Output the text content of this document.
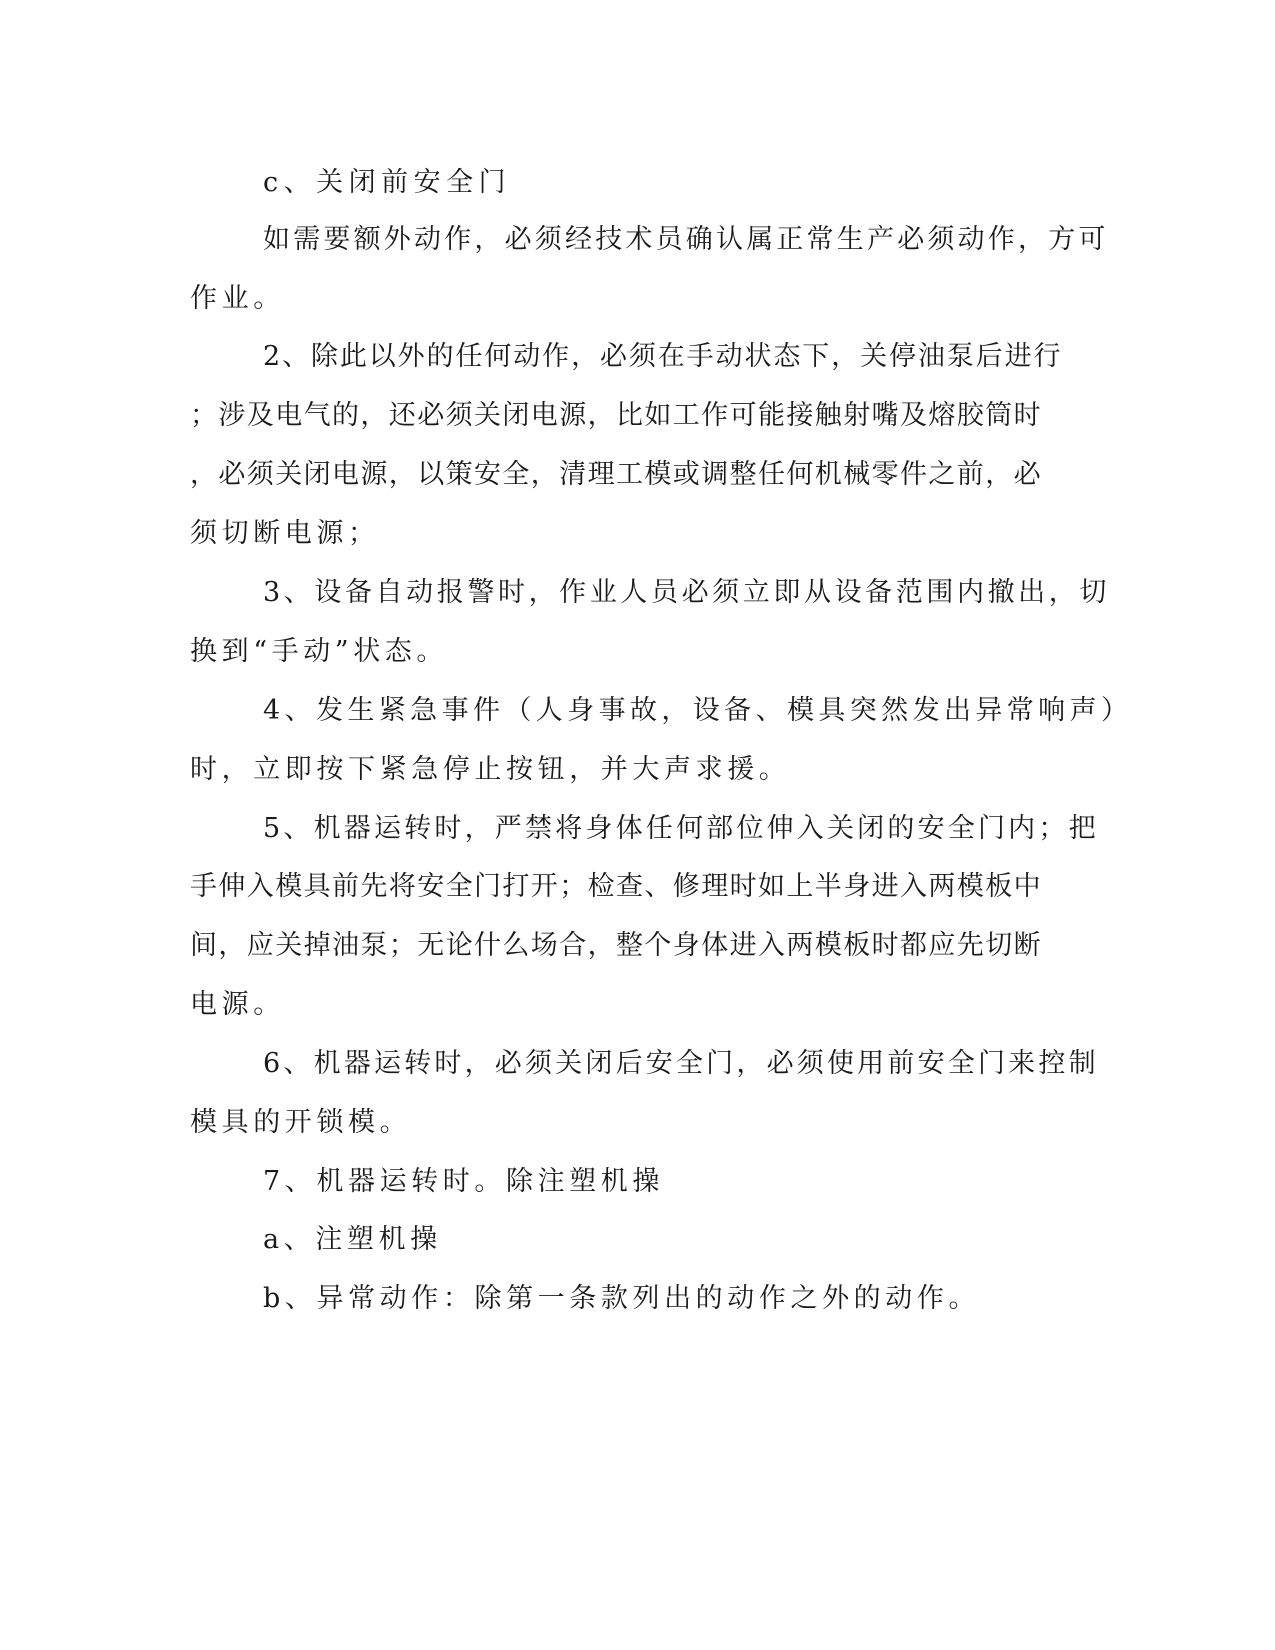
c、关闭前安全门
如需要额外动作，必须经技术员确认属正常生产必须动作，方可
作业。
2、除此以外的任何动作，必须在手动状态下，关停油泵后进行
；涉及电气的，还必须关闭电源，比如工作可能接触射嘴及熔胶筒时
，必须关闭电源，以策安全，清理工模或调整任何机械零件之前，必
须切断电源；
3、设备自动报警时，作业人员必须立即从设备范围内撤出，切
换到“手动”状态。
4、发生紧急事件（人身事故，设备、模具突然发出异常响声）
时，立即按下紧急停止按钮，并大声求援。
5、机器运转时，严禁将身体任何部位伸入关闭的安全门内；把
手伸入模具前先将安全门打开；检查、修理时如上半身进入两模板中
间，应关掉油泵；无论什么场合，整个身体进入两模板时都应先切断
电源。
6、机器运转时，必须关闭后安全门，必须使用前安全门来控制
模具的开锁模。
7、机器运转时。除注塑机操
a、注塑机操
b、异常动作：除第一条款列出的动作之外的动作。
